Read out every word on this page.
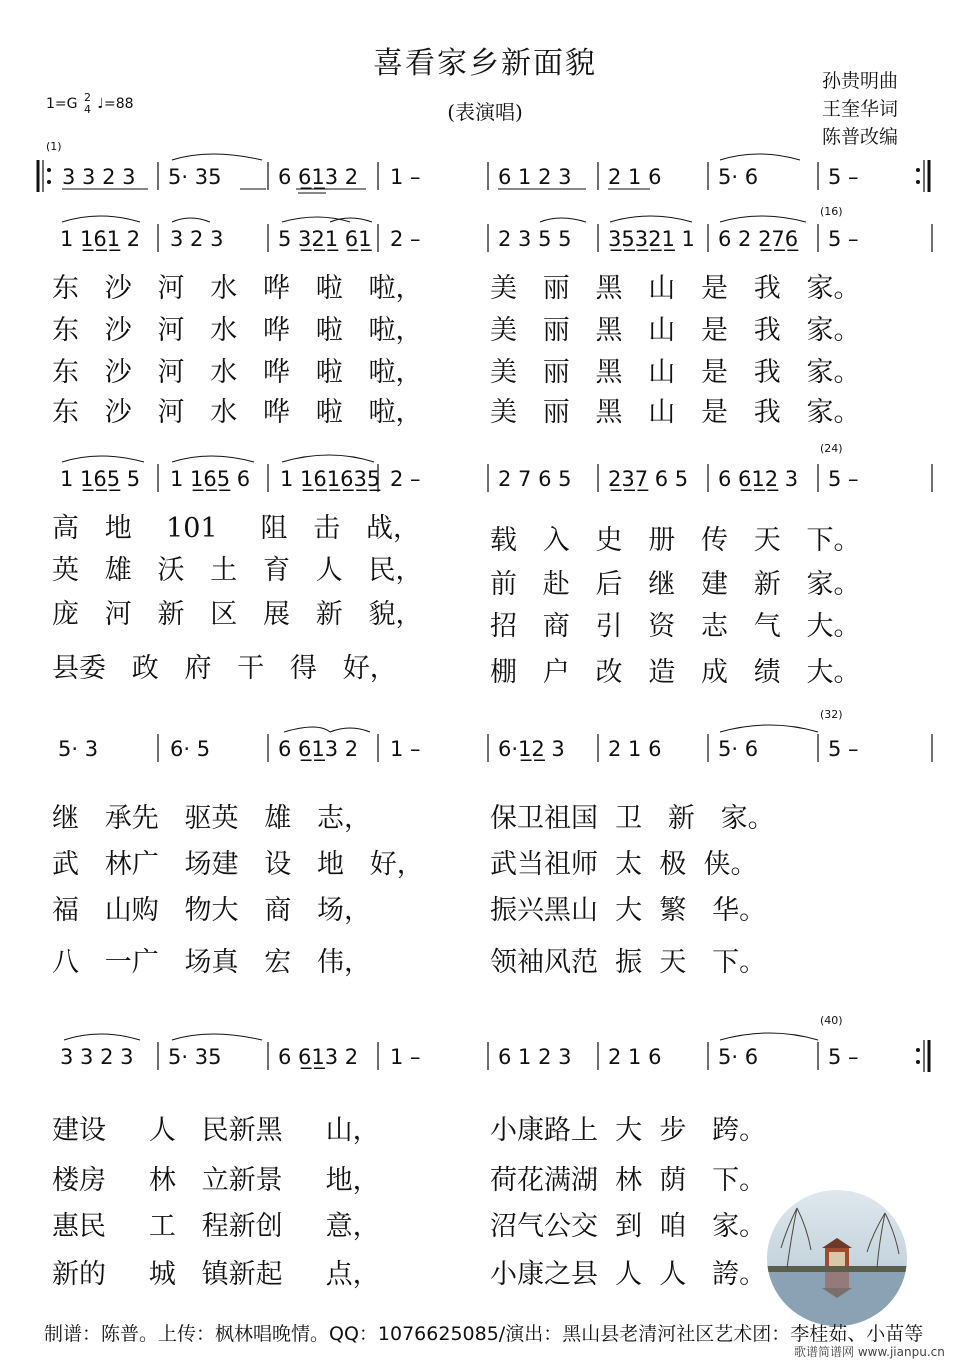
喜看家乡新面貌
(表演唱)
1=G 2
4 ♩=88
孙贵明曲
王奎华词
陈普改编
(1)
(16)
(24)
(32)
(40)
3 3 2 3 5· 35	6 6̲1̲3 2 1 –	6 1 2 3 2 1 6	5· 6	5 –
1 1̲6̲1̲ 2 3 2 3	5 3̲2̲1̲ 6̲1̲ 2 –	2 3 5 5 3̲5̲3̲2̲1̲ 1 6 2 2̲7̲6̲ 5 –
东   沙   河   水   哗   啦   啦，	美   丽   黑   山   是   我   家。
东   沙   河   水   哗   啦   啦，	美   丽   黑   山   是   我   家。
东   沙   河   水   哗   啦   啦，	美   丽   黑   山   是   我   家。
东   沙   河   水   哗   啦   啦，	美   丽   黑   山   是   我   家。
1 1̲6̲5̲ 5 1 1̲6̲5̲ 6 1 1̲6̲1̲6̲3̲5̲ 2 –	2 7 6 5 2̲3̲7̲ 6 5 6 6̲1̲2̲ 3 5 –
高   地    101     阻   击   战，	载   入   史   册   传   天   下。
英   雄   沃   土   育   人   民，	前   赴   后   继   建   新   家。
庞   河   新   区   展   新   貌，	招   商   引   资   志   气   大。
县委   政   府   干   得   好，	棚   户   改   造   成   绩   大。
5· 3	6· 5	6 6̲1̲3 2 1 –	6·1̲2̲ 3 2 1 6	5· 6	5 –
继   承先   驱英   雄   志，	保卫祖国  卫   新   家。
武   林广   场建   设   地   好， 武当祖师  太  极  侠。
福   山购   物大   商   场，	振兴黑山  大  繁   华。
八   一广   场真   宏   伟，	领袖风范  振  天   下。
3 3 2 3 5· 35	6 6̲1̲3 2 1 –	6 1 2 3 2 1 6	5· 6	5 –
建设     人   民新黑     山，	小康路上  大  步   跨。
楼房     林   立新景     地，	荷花满湖  林  荫   下。
惠民     工   程新创     意，	沼气公交  到  咱   家。
新的     城   镇新起     点，	小康之县  人  人   誇。
制谱：陈普。上传：枫林唱晚情。QQ：1076625085/演出：黑山县老清河社区艺术团：李桂茹、小苗等
歌谱简谱网 www.jianpu.cn
